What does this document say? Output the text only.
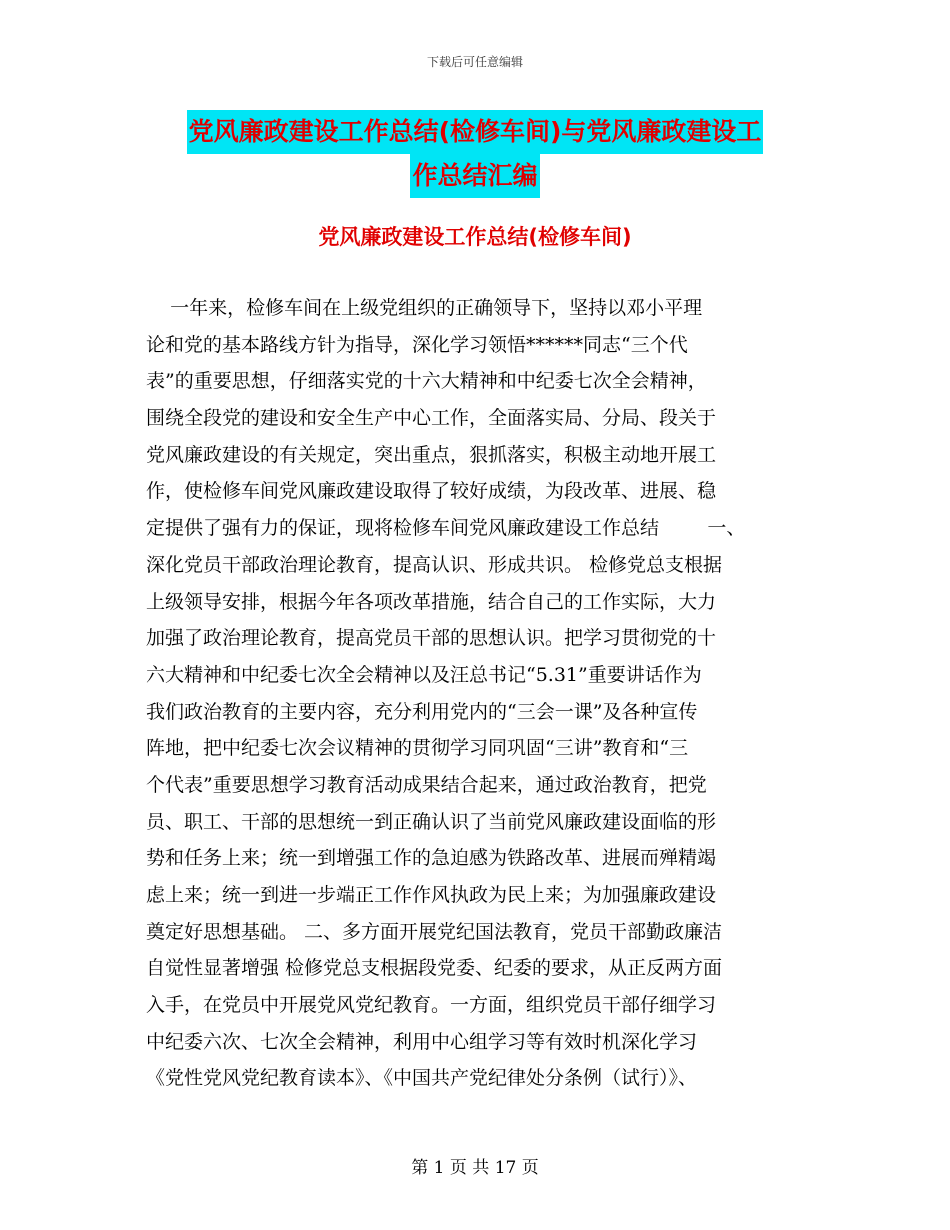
下载后可任意编辑
党风廉政建设工作总结(检修车间)与党风廉政建设工
作总结汇编
党风廉政建设工作总结(检修车间)
一年来，检修车间在上级党组织的正确领导下，坚持以邓小平理
论和党的基本路线方针为指导，深化学习领悟******同志“三个代
表”的重要思想，仔细落实党的十六大精神和中纪委七次全会精神，
围绕全段党的建设和安全生产中心工作，全面落实局、分局、段关于
党风廉政建设的有关规定，突出重点，狠抓落实，积极主动地开展工
作，使检修车间党风廉政建设取得了较好成绩，为段改革、进展、稳
定提供了强有力的保证，现将检修车间党风廉政建设工作总结        一、
深化党员干部政治理论教育，提高认识、形成共识。 检修党总支根据
上级领导安排，根据今年各项改革措施，结合自己的工作实际，大力
加强了政治理论教育，提高党员干部的思想认识。把学习贯彻党的十
六大精神和中纪委七次全会精神以及汪总书记“5.31”重要讲话作为
我们政治教育的主要内容，充分利用党内的“三会一课”及各种宣传
阵地，把中纪委七次会议精神的贯彻学习同巩固“三讲”教育和“三
个代表”重要思想学习教育活动成果结合起来，通过政治教育，把党
员、职工、干部的思想统一到正确认识了当前党风廉政建设面临的形
势和任务上来；统一到增强工作的急迫感为铁路改革、进展而殚精竭
虑上来；统一到进一步端正工作作风执政为民上来；为加强廉政建设
奠定好思想基础。 二、多方面开展党纪国法教育，党员干部勤政廉洁
自觉性显著增强 检修党总支根据段党委、纪委的要求，从正反两方面
入手，在党员中开展党风党纪教育。一方面，组织党员干部仔细学习
中纪委六次、七次全会精神，利用中心组学习等有效时机深化学习
《党性党风党纪教育读本》、《中国共产党纪律处分条例（试行）》、
第 1 页 共 17 页
